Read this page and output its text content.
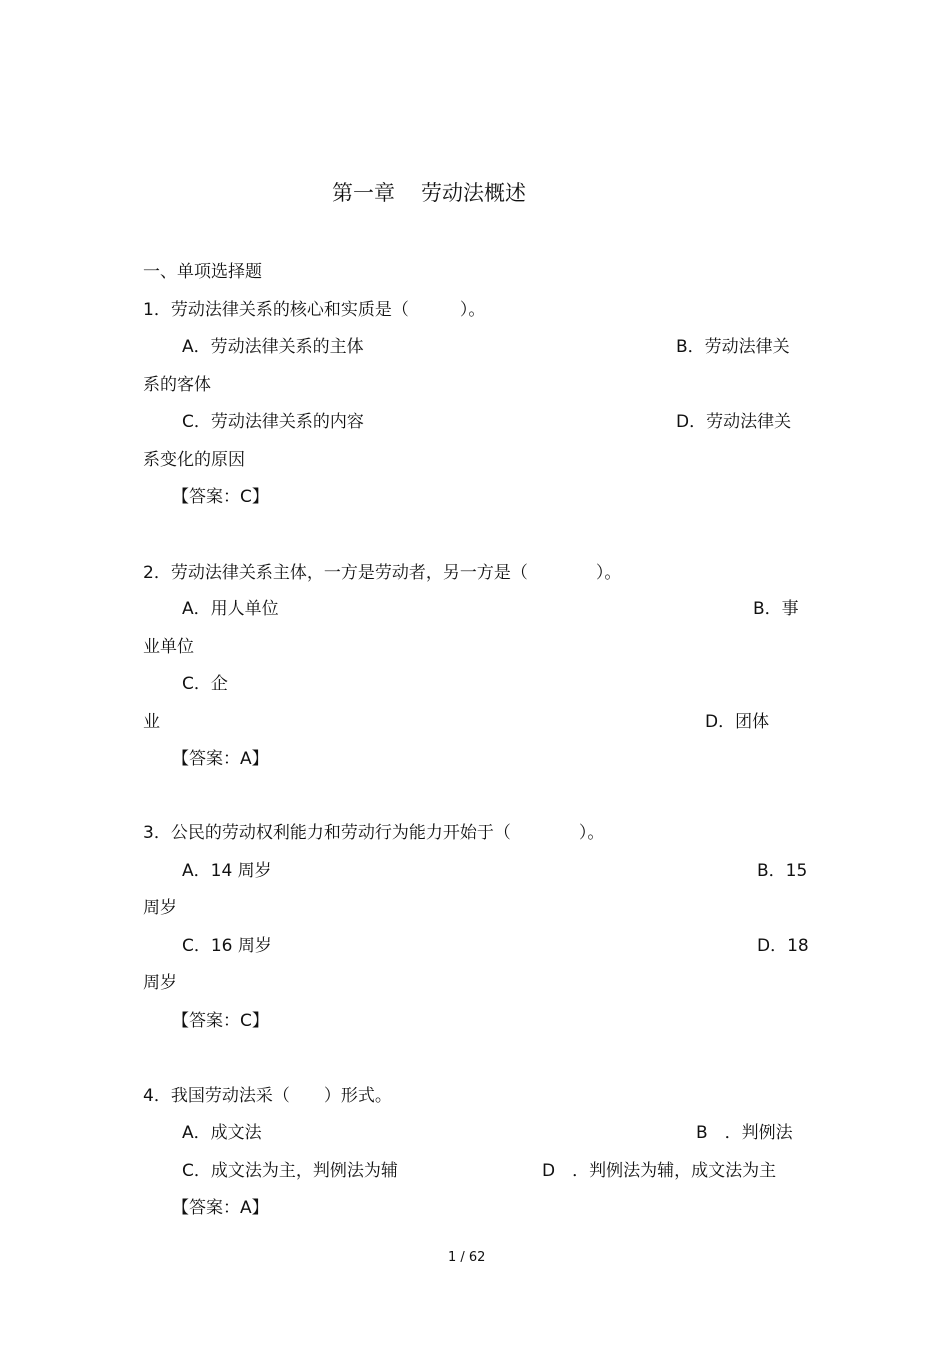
第一章 劳动法概述
一、单项选择题
1．劳动法律关系的核心和实质是（　　　）。
A．劳动法律关系的主体	B．劳动法律关
系的客体
C．劳动法律关系的内容	D．劳动法律关
系变化的原因
【答案：C】
2．劳动法律关系主体，一方是劳动者，另一方是（　　　　）。
A．用人单位	B．事
业单位
C．企
业	D．团体
【答案：A】
3．公民的劳动权利能力和劳动行为能力开始于（　　　　）。
A．14 周岁	B．15
周岁
C．16 周岁	D．18
周岁
【答案：C】
4．我国劳动法采（　　）形式。
A．成文法	B　．判例法
C．成文法为主，判例法为辅	D　．判例法为辅，成文法为主
【答案：A】
1 / 62
